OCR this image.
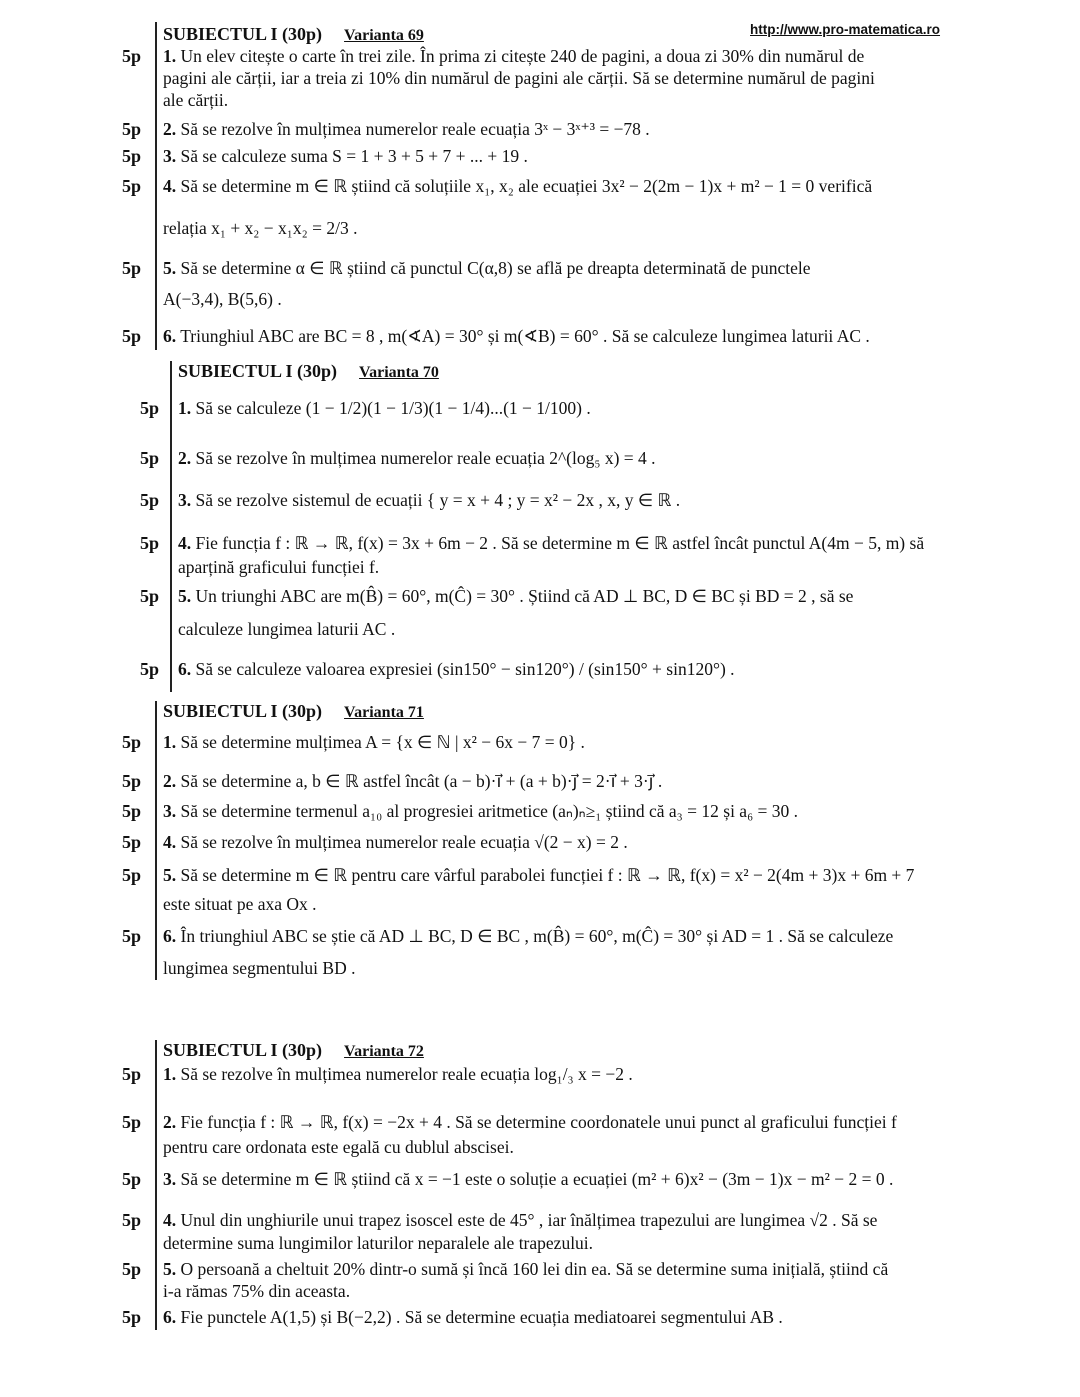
http://www.pro-matematica.ro
SUBIECTUL I (30p) Varianta 69
5p 1. Un elev citește o carte în trei zile. În prima zi citește 240 de pagini, a doua zi 30% din numărul de
pagini ale cărții, iar a treia zi 10% din numărul de pagini ale cărții. Să se determine numărul de pagini
ale cărții.
5p 2. Să se rezolve în mulțimea numerelor reale ecuația 3ˣ − 3ˣ⁺³ = −78 .
5p 3. Să se calculeze suma S = 1 + 3 + 5 + 7 + ... + 19 .
5p 4. Să se determine m ∈ ℝ știind că soluțiile x₁, x₂ ale ecuației 3x² − 2(2m − 1)x + m² − 1 = 0 verifică
relația x₁ + x₂ − x₁x₂ = 2/3 .
5p 5. Să se determine α ∈ ℝ știind că punctul C(α,8) se află pe dreapta determinată de punctele
A(−3,4), B(5,6) .
5p 6. Triunghiul ABC are BC = 8 , m(∢A) = 30° și m(∢B) = 60° . Să se calculeze lungimea laturii AC .
SUBIECTUL I (30p) Varianta 70
5p 1. Să se calculeze (1 − 1/2)(1 − 1/3)(1 − 1/4)...(1 − 1/100) .
5p 2. Să se rezolve în mulțimea numerelor reale ecuația 2^(log₅ x) = 4 .
5p 3. Să se rezolve sistemul de ecuații { y = x + 4 ; y = x² − 2x , x, y ∈ ℝ .
5p 4. Fie funcția f : ℝ → ℝ, f(x) = 3x + 6m − 2 . Să se determine m ∈ ℝ astfel încât punctul A(4m − 5, m) să
aparțină graficului funcției f.
5p 5. Un triunghi ABC are m(B̂) = 60°, m(Ĉ) = 30° . Știind că AD ⊥ BC, D ∈ BC și BD = 2 , să se
calculeze lungimea laturii AC .
5p 6. Să se calculeze valoarea expresiei (sin150° − sin120°) / (sin150° + sin120°) .
SUBIECTUL I (30p) Varianta 71
5p 1. Să se determine mulțimea A = {x ∈ ℕ | x² − 6x − 7 = 0} .
5p 2. Să se determine a, b ∈ ℝ astfel încât (a − b)·i⃗ + (a + b)·j⃗ = 2·i⃗ + 3·j⃗ .
5p 3. Să se determine termenul a₁₀ al progresiei aritmetice (aₙ)ₙ≥₁ știind că a₃ = 12 și a₆ = 30 .
5p 4. Să se rezolve în mulțimea numerelor reale ecuația √(2 − x) = 2 .
5p 5. Să se determine m ∈ ℝ pentru care vârful parabolei funcției f : ℝ → ℝ, f(x) = x² − 2(4m + 3)x + 6m + 7
este situat pe axa Ox .
5p 6. În triunghiul ABC se știe că AD ⊥ BC, D ∈ BC , m(B̂) = 60°, m(Ĉ) = 30° și AD = 1 . Să se calculeze
lungimea segmentului BD .
SUBIECTUL I (30p) Varianta 72
5p 1. Să se rezolve în mulțimea numerelor reale ecuația log₁/₃ x = −2 .
5p 2. Fie funcția f : ℝ → ℝ, f(x) = −2x + 4 . Să se determine coordonatele unui punct al graficului funcției f
pentru care ordonata este egală cu dublul abscisei.
5p 3. Să se determine m ∈ ℝ știind că x = −1 este o soluție a ecuației (m² + 6)x² − (3m − 1)x − m² − 2 = 0 .
5p 4. Unul din unghiurile unui trapez isoscel este de 45° , iar înălțimea trapezului are lungimea √2 . Să se
determine suma lungimilor laturilor neparalele ale trapezului.
5p 5. O persoană a cheltuit 20% dintr-o sumă și încă 160 lei din ea. Să se determine suma inițială, știind că
i-a rămas 75% din aceasta.
5p 6. Fie punctele A(1,5) și B(−2,2) . Să se determine ecuația mediatoarei segmentului AB .
